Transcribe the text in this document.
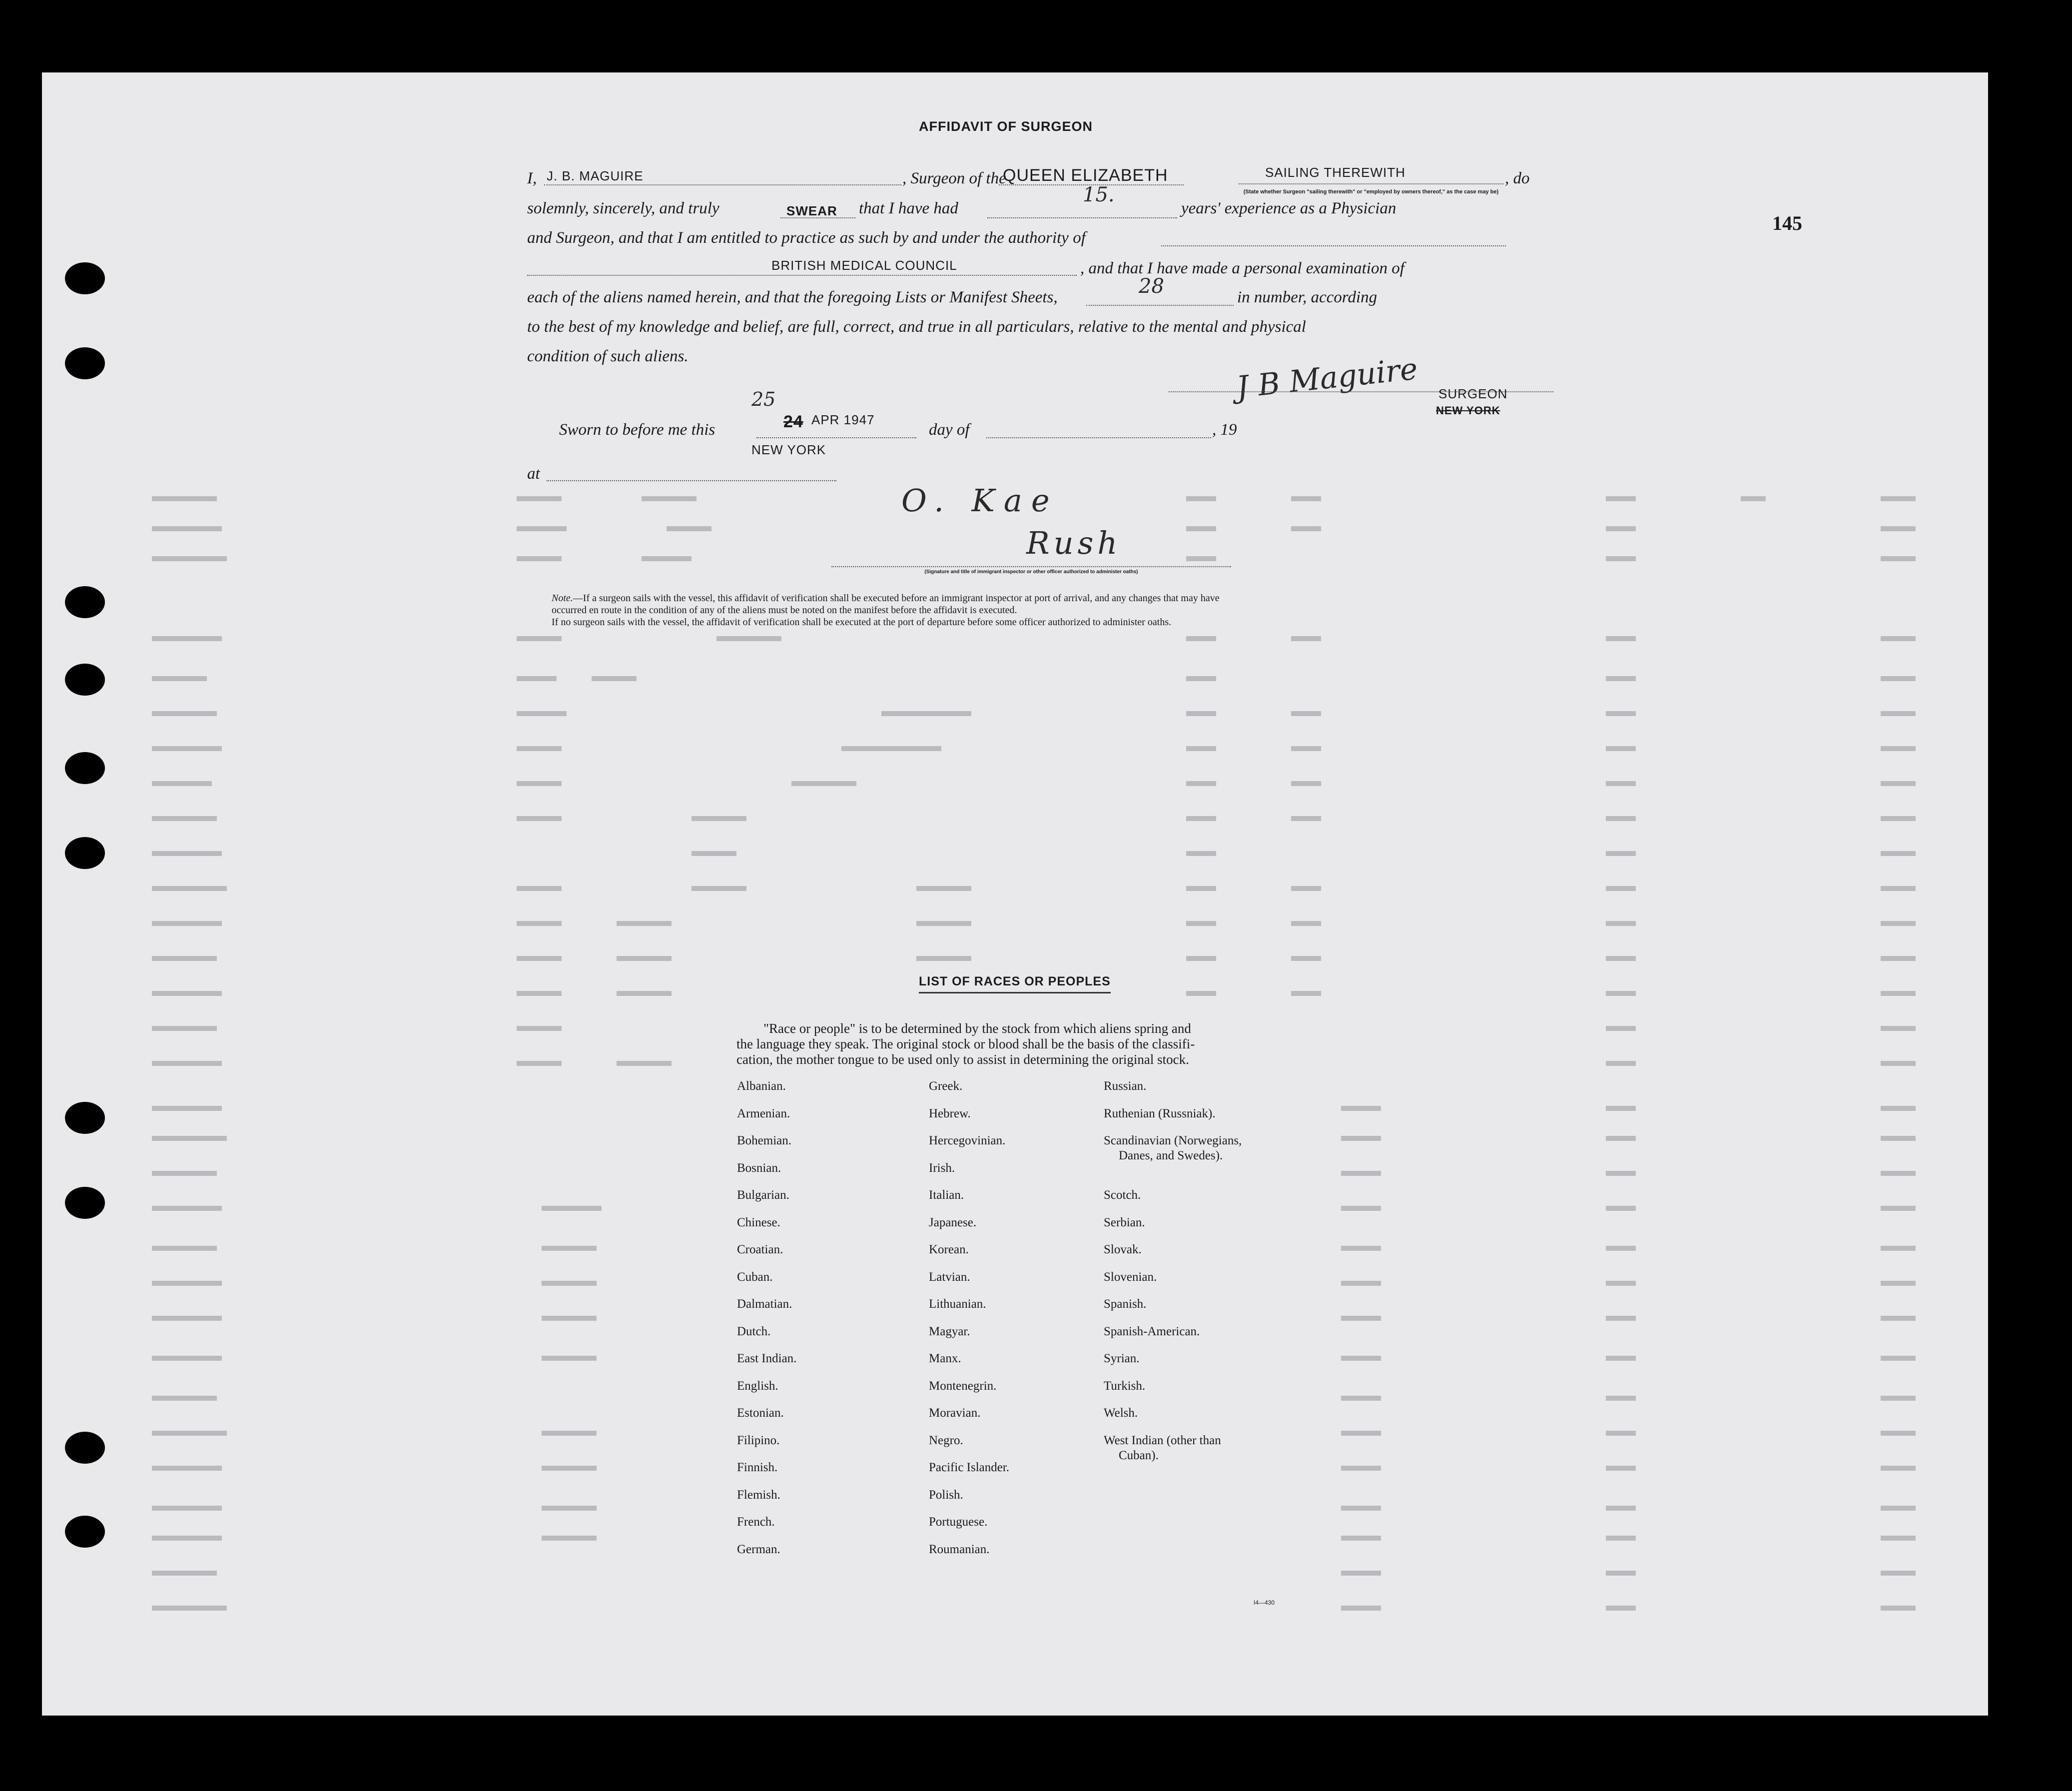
145
AFFIDAVIT OF SURGEON
I, J. B. MAGUIRE	, Surgeon of the
QUEEN ELIZABETH	SAILING THEREWITH	, do
(State whether Surgeon "sailing therewith" or "employed by owners thereof," as the case may be)
solemnly, sincerely, and truly	SWEAR that I have had
15.
years' experience as a Physician
and Surgeon, and that I am entitled to practice as such by and under the authority of
BRITISH MEDICAL COUNCIL	, and that I have made a personal examination of
each of the aliens named herein, and that the foregoing Lists or Manifest Sheets,	28	in number, according
to the best of my knowledge and belief, are full, correct, and true in all particulars, relative to the mental and physical
condition of such aliens.	J B Maguire SURGEON
NEW YORK
Sworn to before me this
25
24 APR 1947
day of	, 19
NEW YORK
at
O. Kae
Rush
(Signature and title of immigrant inspector or other officer authorized to administer oaths)
Note.—If a surgeon sails with the vessel, this affidavit of verification shall be executed before an immigrant inspector at port of arrival, and any changes that may have
occurred en route in the condition of any of the aliens must be noted on the manifest before the affidavit is executed.
If no surgeon sails with the vessel, the affidavit of verification shall be executed at the port of departure before some officer authorized to administer oaths.
LIST OF RACES OR PEOPLES
"Race or people" is to be determined by the stock from which aliens spring and
the language they speak. The original stock or blood shall be the basis of the classifi-
cation, the mother tongue to be used only to assist in determining the original stock.
Albanian.
Armenian.
Bohemian.
Bosnian.
Bulgarian.
Chinese.
Croatian.
Cuban.
Dalmatian.
Dutch.
East Indian.
English.
Estonian.
Filipino.
Finnish.
Flemish.
French.
German.
Greek.
Hebrew.
Hercegovinian.
Irish.
Italian.
Japanese.
Korean.
Latvian.
Lithuanian.
Magyar.
Manx.
Montenegrin.
Moravian.
Negro.
Pacific Islander.
Polish.
Portuguese.
Roumanian.
Russian.
Ruthenian (Russniak).
Scandinavian (Norwegians,
Danes, and Swedes).
Scotch.
Serbian.
Slovak.
Slovenian.
Spanish.
Spanish-American.
Syrian.
Turkish.
Welsh.
West Indian (other than
Cuban).
I4—430
